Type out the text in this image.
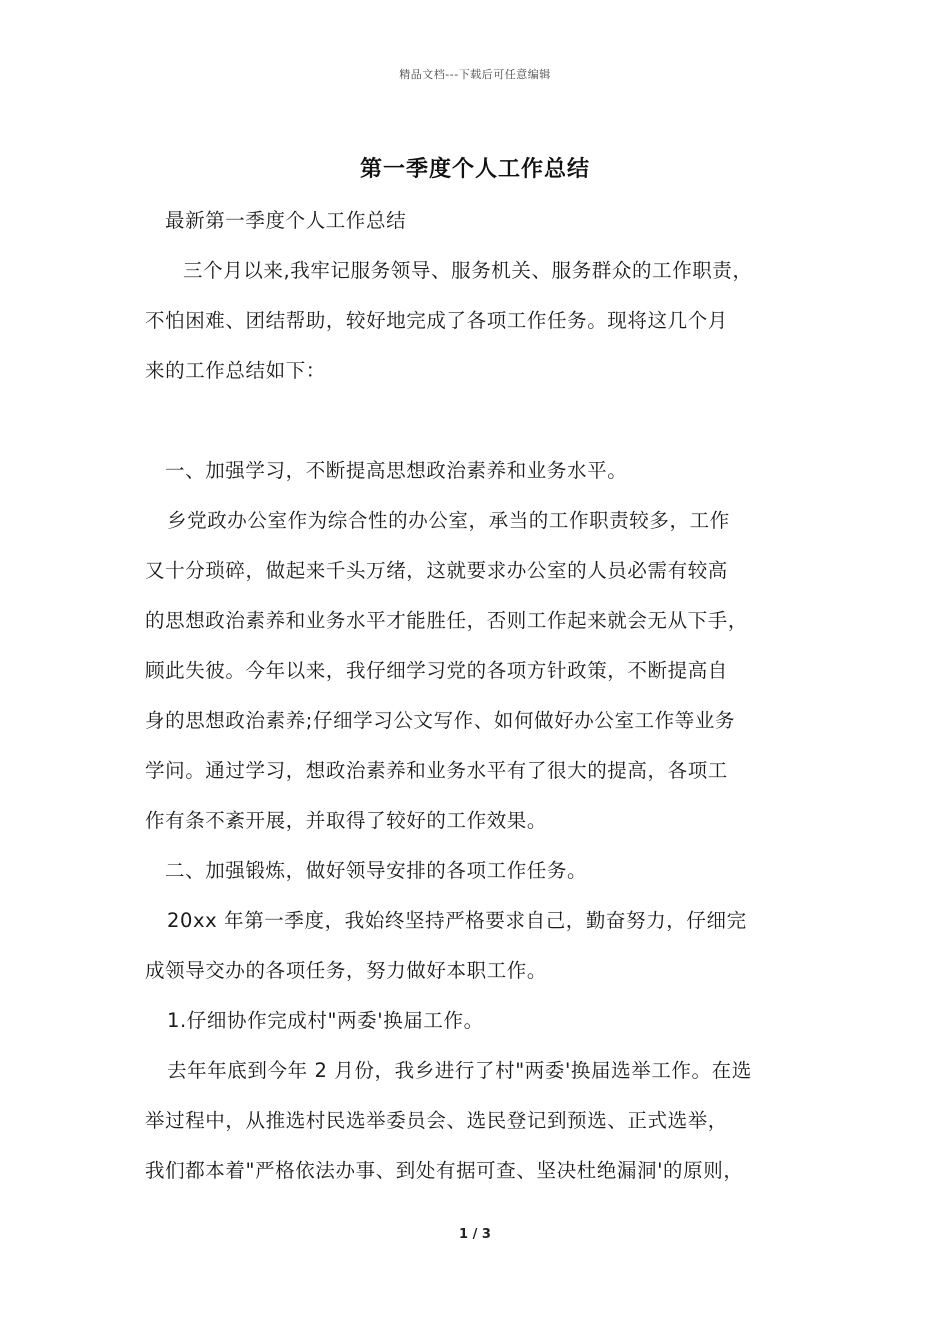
精品文档---下载后可任意编辑
第一季度个人工作总结
最新第一季度个人工作总结
三个月以来,我牢记服务领导、服务机关、服务群众的工作职责，
不怕困难、团结帮助，较好地完成了各项工作任务。现将这几个月
来的工作总结如下：
一、加强学习，不断提高思想政治素养和业务水平。
乡党政办公室作为综合性的办公室，承当的工作职责较多，工作
又十分琐碎，做起来千头万绪，这就要求办公室的人员必需有较高
的思想政治素养和业务水平才能胜任，否则工作起来就会无从下手，
顾此失彼。今年以来，我仔细学习党的各项方针政策，不断提高自
身的思想政治素养;仔细学习公文写作、如何做好办公室工作等业务
学问。通过学习，想政治素养和业务水平有了很大的提高，各项工
作有条不紊开展，并取得了较好的工作效果。
二、加强锻炼，做好领导安排的各项工作任务。
20xx 年第一季度，我始终坚持严格要求自己，勤奋努力，仔细完
成领导交办的各项任务，努力做好本职工作。
1.仔细协作完成村"两委'换届工作。
去年年底到今年 2 月份，我乡进行了村"两委'换届选举工作。在选
举过程中，从推选村民选举委员会、选民登记到预选、正式选举，
我们都本着"严格依法办事、到处有据可查、坚决杜绝漏洞'的原则，
1 / 3
